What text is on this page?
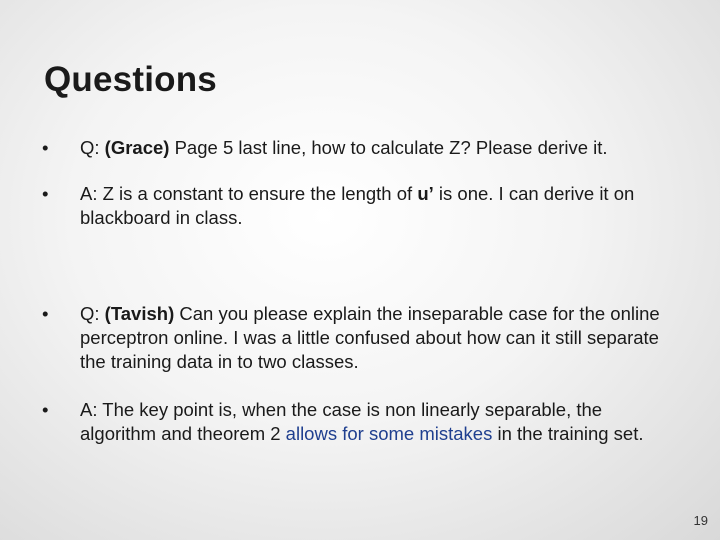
Questions
•	Q: (Grace) Page 5 last line, how to calculate Z? Please derive it.
•	A: Z is a constant to ensure the length of u’ is one. I can derive it on blackboard in class.
•	Q: (Tavish) Can you please explain the inseparable case for the online perceptron online. I was a little confused about how can it still separate the training data in to two classes.
•	A: The key point is, when the case is non linearly separable, the algorithm and theorem 2 allows for some mistakes in the training set.
19
